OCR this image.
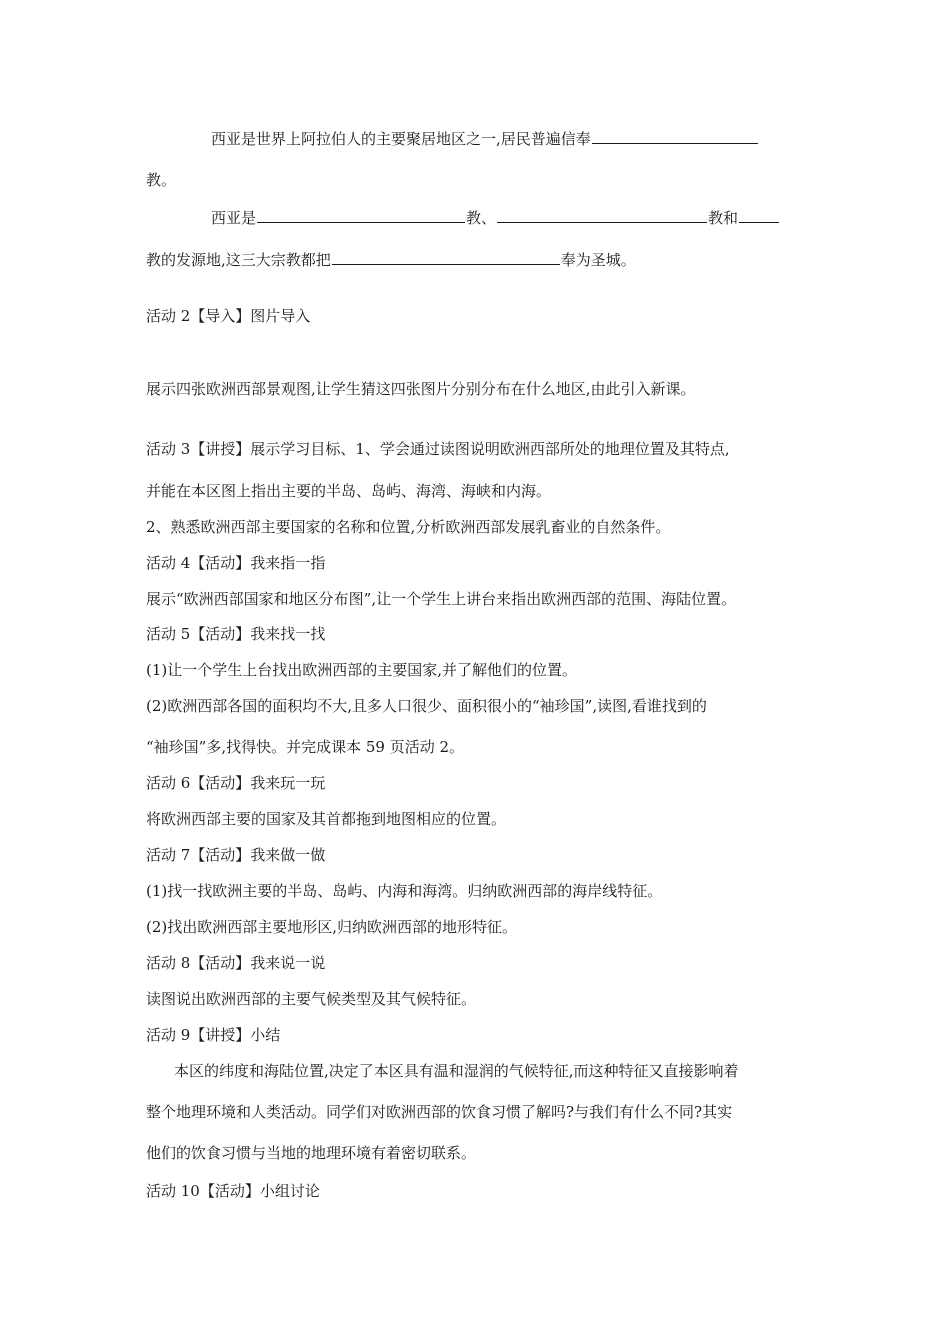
西亚是世界上阿拉伯人的主要聚居地区之一,居民普遍信奉
教。
西亚是	教、	教和
教的发源地,这三大宗教都把	奉为圣城。
活动 2【导入】图片导入
展示四张欧洲西部景观图,让学生猜这四张图片分别分布在什么地区,由此引入新课。
活动 3【讲授】展示学习目标、1、学会通过读图说明欧洲西部所处的地理位置及其特点,
并能在本区图上指出主要的半岛、岛屿、海湾、海峡和内海。
2、熟悉欧洲西部主要国家的名称和位置,分析欧洲西部发展乳畜业的自然条件。
活动 4【活动】我来指一指
展示“欧洲西部国家和地区分布图”,让一个学生上讲台来指出欧洲西部的范围、海陆位置。
活动 5【活动】我来找一找
(1)让一个学生上台找出欧洲西部的主要国家,并了解他们的位置。
(2)欧洲西部各国的面积均不大,且多人口很少、面积很小的“袖珍国”,读图,看谁找到的
“袖珍国”多,找得快。并完成课本 59 页活动 2。
活动 6【活动】我来玩一玩
将欧洲西部主要的国家及其首都拖到地图相应的位置。
活动 7【活动】我来做一做
(1)找一找欧洲主要的半岛、岛屿、内海和海湾。归纳欧洲西部的海岸线特征。
(2)找出欧洲西部主要地形区,归纳欧洲西部的地形特征。
活动 8【活动】我来说一说
读图说出欧洲西部的主要气候类型及其气候特征。
活动 9【讲授】小结
本区的纬度和海陆位置,决定了本区具有温和湿润的气候特征,而这种特征又直接影响着
整个地理环境和人类活动。同学们对欧洲西部的饮食习惯了解吗?与我们有什么不同?其实
他们的饮食习惯与当地的地理环境有着密切联系。
活动 10【活动】小组讨论
